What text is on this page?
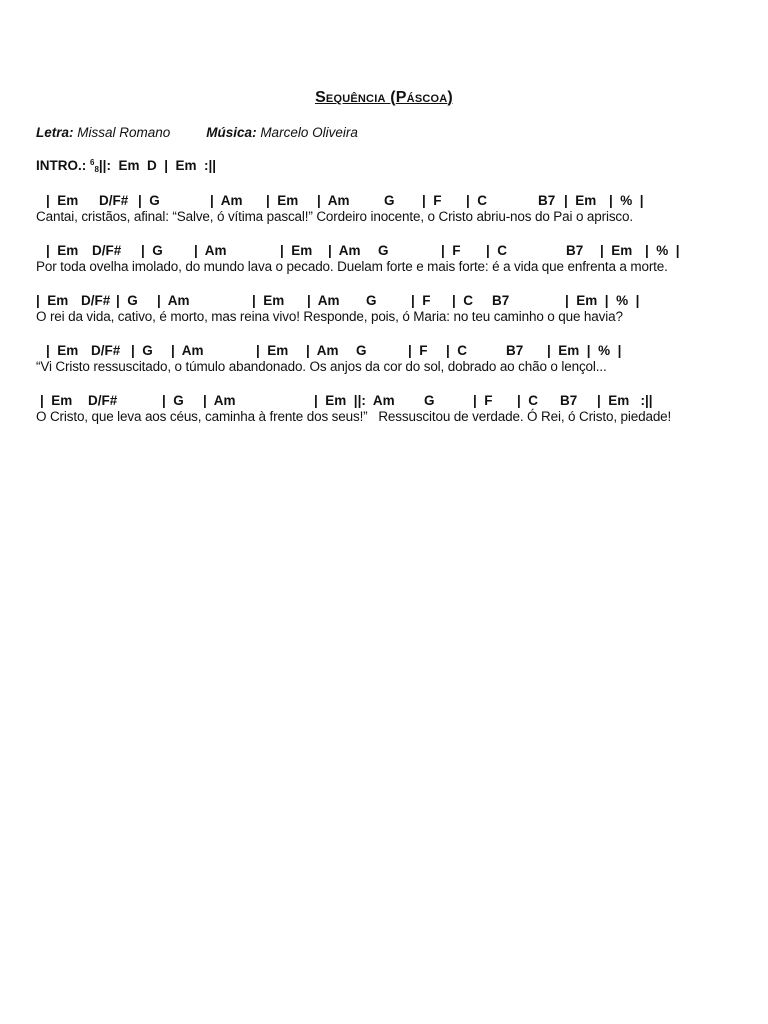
Sequência (Páscoa)
Letra: Missal Romano	Música: Marcelo Oliveira
INTRO.: $^6$8||:  Em  D  |  Em  :||
|  Em D/F# |  G	|  Am |  Em |  Am	G |  F |  C	B7 |  Em |  %  |
Cantai, cristãos, afinal: “Salve, ó vítima pascal!” Cordeiro inocente, o Cristo abriu-nos do Pai o aprisco.
|  Em D/F# |  G |  Am	|  Em |  Am G	|  F |  C	B7 |  Em |  %  |
Por toda ovelha imolado, do mundo lava o pecado. Duelam forte e mais forte: é a vida que enfrenta a morte.
|  Em D/F# |  G |  Am	|  Em |  Am G	|  F |  C B7	|  Em  |  %  |
O rei da vida, cativo, é morto, mas reina vivo! Responde, pois, ó Maria: no teu caminho o que havia?
|  Em D/F# |  G |  Am	|  Em |  Am G	|  F |  C	B7 |  Em  |  %  |
“Vi Cristo ressuscitado, o túmulo abandonado. Os anjos da cor do sol, dobrado ao chão o lençol...
|  Em D/F#	|  G |  Am	|  Em  ||:  Am G	|  F |  C B7 |  Em   :||
O Cristo, que leva aos céus, caminha à frente dos seus!”   Ressuscitou de verdade. Ó Rei, ó Cristo, piedade!
